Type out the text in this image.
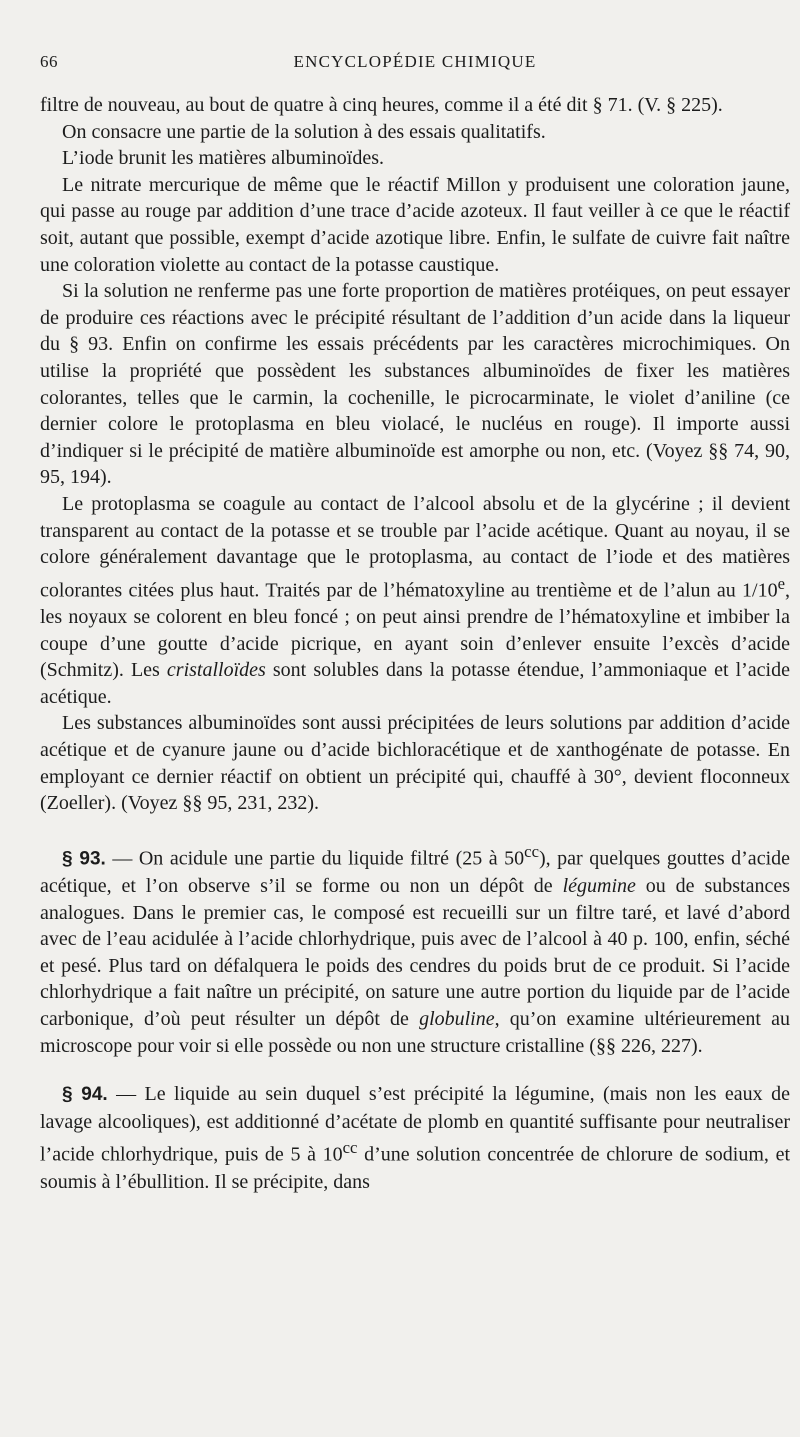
66	ENCYCLOPÉDIE CHIMIQUE

filtre de nouveau, au bout de quatre à cinq heures, comme il a été dit § 71. (V. § 225).

On consacre une partie de la solution à des essais qualitatifs.

L’iode brunit les matières albuminoïdes.

Le nitrate mercurique de même que le réactif Millon y produisent une coloration jaune, qui passe au rouge par addition d’une trace d’acide azoteux. Il faut veiller à ce que le réactif soit, autant que possible, exempt d’acide azotique libre. Enfin, le sulfate de cuivre fait naître une coloration violette au contact de la potasse caustique.

Si la solution ne renferme pas une forte proportion de matières protéiques, on peut essayer de produire ces réactions avec le précipité résultant de l’addition d’un acide dans la liqueur du § 93. Enfin on confirme les essais précédents par les caractères microchimiques. On utilise la propriété que possèdent les substances albuminoïdes de fixer les matières colorantes, telles que le carmin, la cochenille, le picrocarminate, le violet d’aniline (ce dernier colore le protoplasma en bleu violacé, le nucléus en rouge). Il importe aussi d’indiquer si le précipité de matière albuminoïde est amorphe ou non, etc. (Voyez §§ 74, 90, 95, 194).

Le protoplasma se coagule au contact de l’alcool absolu et de la glycérine ; il devient transparent au contact de la potasse et se trouble par l’acide acétique. Quant au noyau, il se colore généralement davantage que le protoplasma, au contact de l’iode et des matières colorantes citées plus haut. Traités par de l’hématoxyline au trentième et de l’alun au 1/10e, les noyaux se colorent en bleu foncé ; on peut ainsi prendre de l’hématoxyline et imbiber la coupe d’une goutte d’acide picrique, en ayant soin d’enlever ensuite l’excès d’acide (Schmitz). Les cristalloïdes sont solubles dans la potasse étendue, l’ammoniaque et l’acide acétique.

Les substances albuminoïdes sont aussi précipitées de leurs solutions par addition d’acide acétique et de cyanure jaune ou d’acide bichloracétique et de xanthogénate de potasse. En employant ce dernier réactif on obtient un précipité qui, chauffé à 30°, devient floconneux (Zoeller). (Voyez §§ 95, 231, 232).

§ 93. — On acidule une partie du liquide filtré (25 à $50^{cc}$), par quelques gouttes d’acide acétique, et l’on observe s’il se forme ou non un dépôt de légumine ou de substances analogues. Dans le premier cas, le composé est recueilli sur un filtre taré, et lavé d’abord avec de l’eau acidulée à l’acide chlorhydrique, puis avec de l’alcool à 40 p. 100, enfin, séché et pesé. Plus tard on défalquera le poids des cendres du poids brut de ce produit. Si l’acide chlorhydrique a fait naître un précipité, on sature une autre portion du liquide par de l’acide carbonique, d’où peut résulter un dépôt de globuline, qu’on examine ultérieurement au microscope pour voir si elle possède ou non une structure cristalline (§§ 226, 227).

§ 94. — Le liquide au sein duquel s’est précipité la légumine, (mais non les eaux de lavage alcooliques), est additionné d’acétate de plomb en quantité suffisante pour neutraliser l’acide chlorhydrique, puis de 5 à $10^{cc}$ d’une solution concentrée de chlorure de sodium, et soumis à l’ébullition. Il se précipite, dans
